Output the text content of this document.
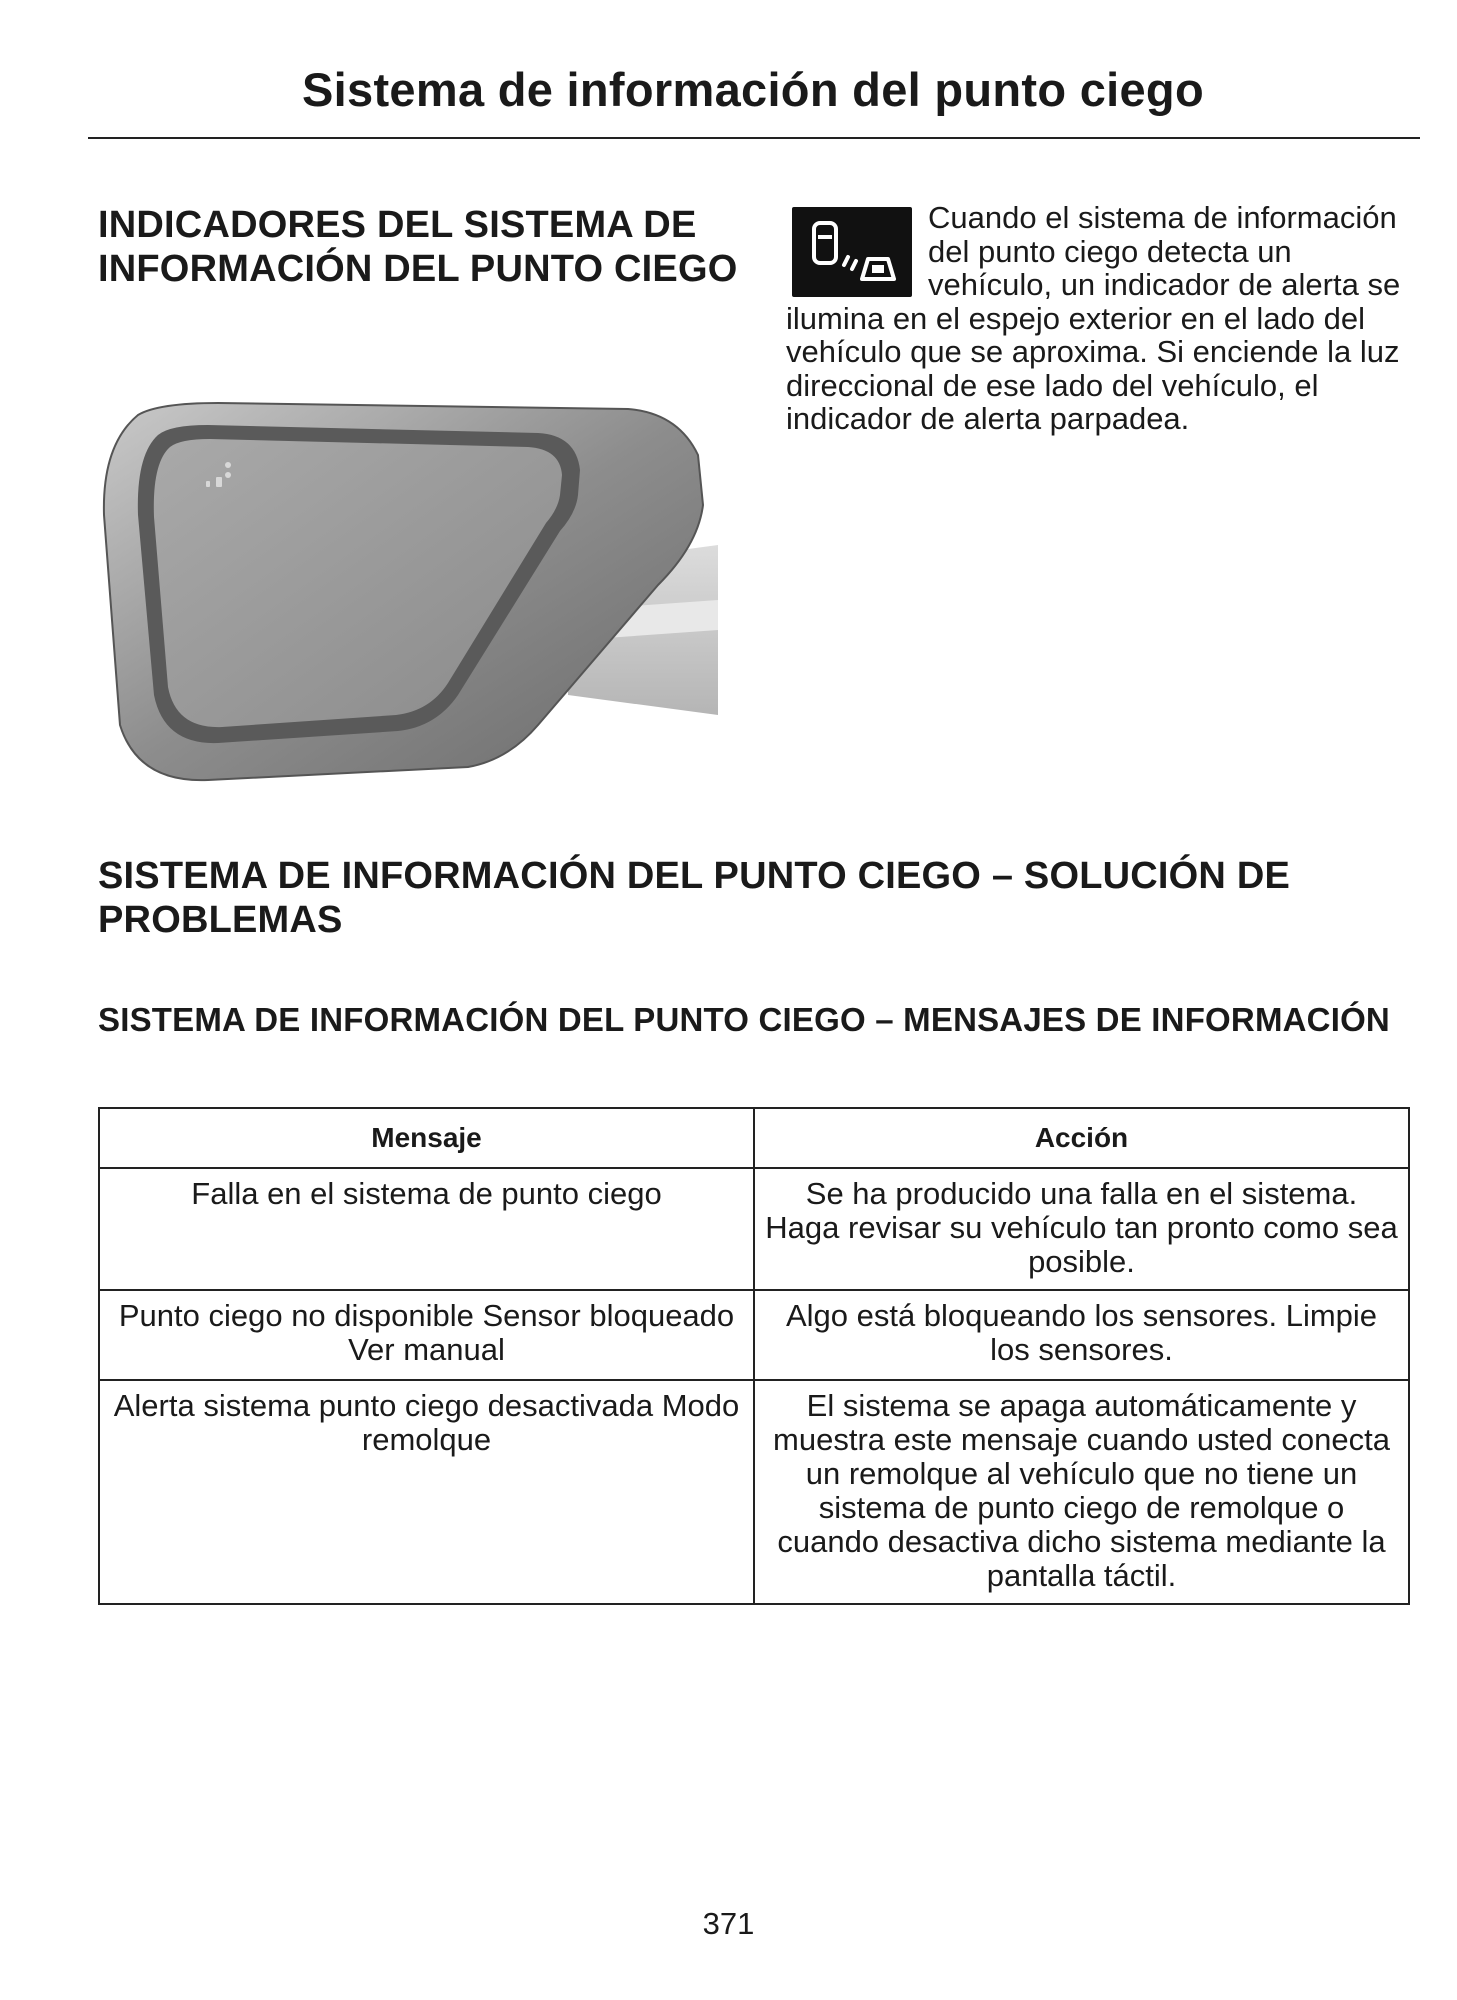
Sistema de información del punto ciego
INDICADORES DEL SISTEMA DE INFORMACIÓN DEL PUNTO CIEGO
Cuando el sistema de información del punto ciego detecta un vehículo, un indicador de alerta se ilumina en el espejo exterior en el lado del vehículo que se aproxima. Si enciende la luz direccional de ese lado del vehículo, el indicador de alerta parpadea.
SISTEMA DE INFORMACIÓN DEL PUNTO CIEGO – SOLUCIÓN DE PROBLEMAS
SISTEMA DE INFORMACIÓN DEL PUNTO CIEGO – MENSAJES DE INFORMACIÓN
Mensaje	Acción
Falla en el sistema de punto ciego	Se ha producido una falla en el sistema. Haga revisar su vehículo tan pronto como sea posible.
Punto ciego no disponible Sensor bloqueado Ver manual	Algo está bloqueando los sensores. Limpie los sensores.
Alerta sistema punto ciego desactivada Modo remolque	El sistema se apaga automáticamente y muestra este mensaje cuando usted conecta un remolque al vehículo que no tiene un sistema de punto ciego de remolque o cuando desactiva dicho sistema mediante la pantalla táctil.
371
